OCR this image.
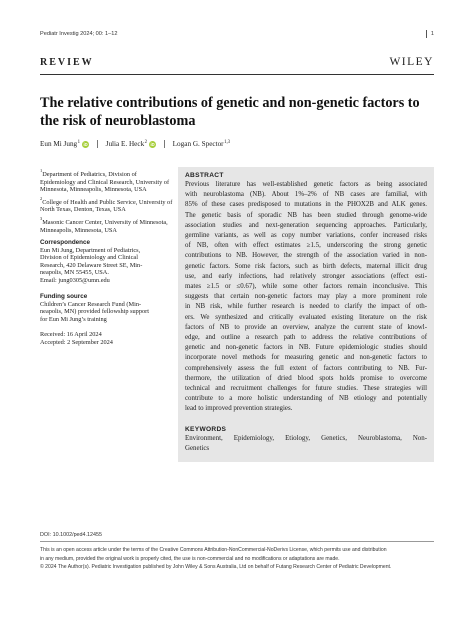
Pediatr Investig 2024; 00: 1–12	1
REVIEW	WILEY
The relative contributions of genetic and non-genetic factors to the risk of neuroblastoma
Eun Mi Jung$^1$ iD	Julia E. Heck$^2$ iD	Logan G. Spector$^{1,3}$
$^1$Department of Pediatrics, Division of Epidemiology and Clinical Research, University of Minnesota, Minneapolis, Minnesota, USA
$^2$College of Health and Public Service, University of North Texas, Denton, Texas, USA
$^3$Masonic Cancer Center, University of Minnesota, Minneapolis, Minnesota, USA
Correspondence
Eun Mi Jung, Department of Pediatrics,
Division of Epidemiology and Clinical
Research, 420 Delaware Street SE, Min-
neapolis, MN 55455, USA.
Email: jung0305@umn.edu
Funding source
Children’s Cancer Research Fund (Min-
neapolis, MN) provided fellowship support
for Eun Mi Jung’s training
Received: 16 April 2024
Accepted: 2 September 2024
ABSTRACT
Previous literature has well-established genetic factors as being associated
with neuroblastoma (NB). About 1%–2% of NB cases are familial, with
85% of these cases predisposed to mutations in the PHOX2B and ALK genes.
The genetic basis of sporadic NB has been studied through genome-wide
association studies and next-generation sequencing approaches. Particularly,
germline variants, as well as copy number variations, confer increased risks
of NB, often with effect estimates ≥1.5, underscoring the strong genetic
contributions to NB. However, the strength of the association varied in non-
genetic factors. Some risk factors, such as birth defects, maternal illicit drug
use, and early infections, had relatively stronger associations (effect esti-
mates ≥1.5 or ≤0.67), while some other factors remain inconclusive. This
suggests that certain non-genetic factors may play a more prominent role
in NB risk, while further research is needed to clarify the impact of oth-
ers. We synthesized and critically evaluated existing literature on the risk
factors of NB to provide an overview, analyze the current state of knowl-
edge, and outline a research path to address the relative contributions of
genetic and non-genetic factors in NB. Future epidemiologic studies should
incorporate novel methods for measuring genetic and non-genetic factors to
comprehensively assess the full extent of factors contributing to NB. Fur-
thermore, the utilization of dried blood spots holds promise to overcome
technical and recruitment challenges for future studies. These strategies will
contribute to a more holistic understanding of NB etiology and potentially
lead to improved prevention strategies.
KEYWORDS
Environment, Epidemiology, Etiology, Genetics, Neuroblastoma, Non-
Genetics
DOI: 10.1002/ped4.12455
This is an open access article under the terms of the Creative Commons Attribution-NonCommercial-NoDerivs License, which permits use and distribution
in any medium, provided the original work is properly cited, the use is non-commercial and no modifications or adaptations are made.
© 2024 The Author(s). Pediatric Investigation published by John Wiley & Sons Australia, Ltd on behalf of Futang Research Center of Pediatric Development.
